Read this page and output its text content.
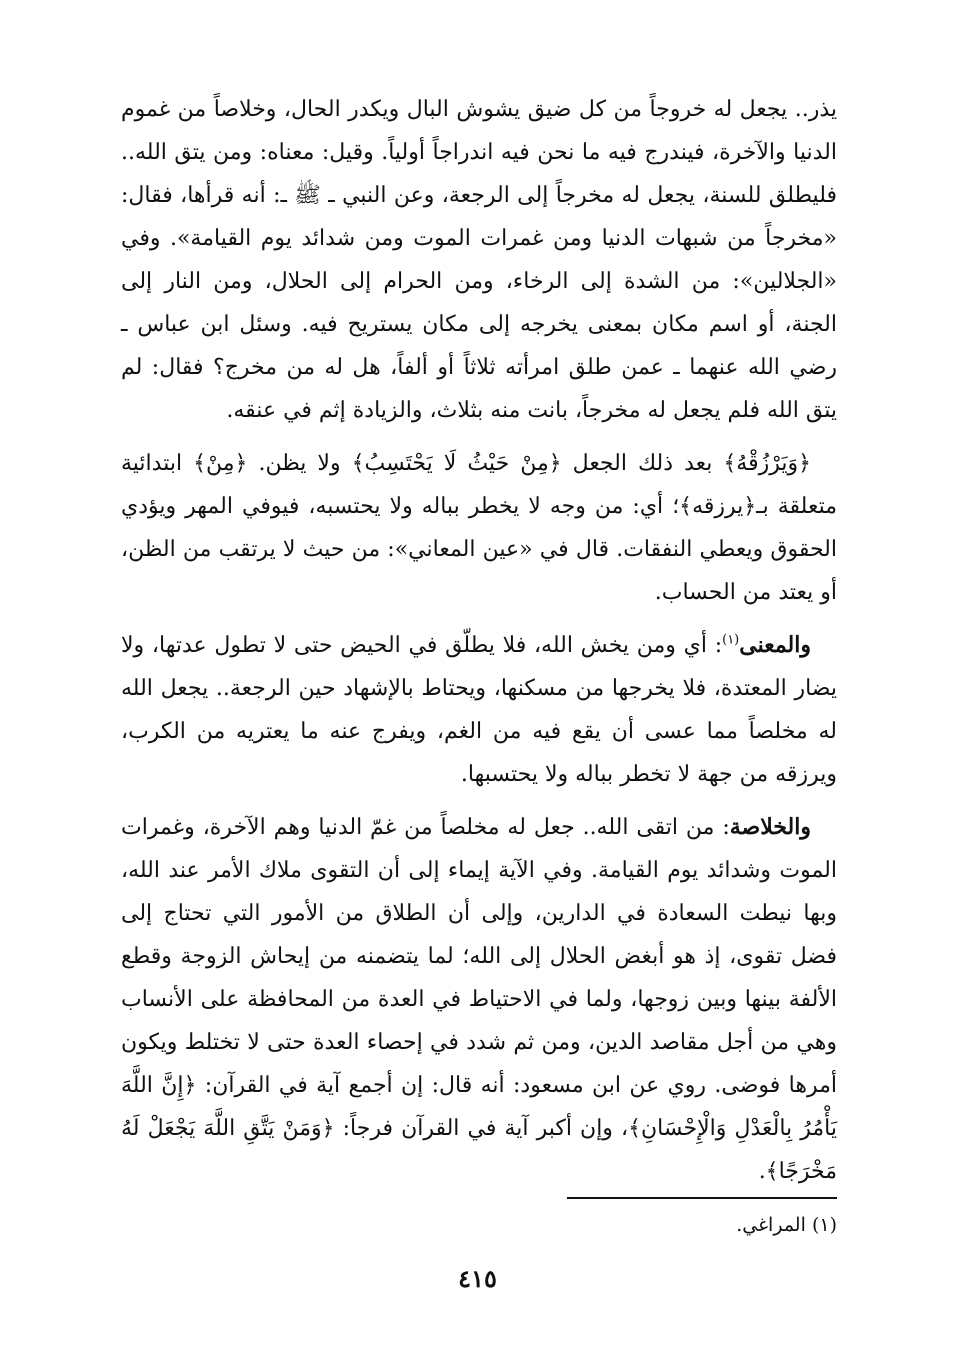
يذر.. يجعل له خروجاً من كل ضيق يشوش البال ويكدر الحال، وخلاصاً من غموم الدنيا والآخرة، فيندرج فيه ما نحن فيه اندراجاً أولياً. وقيل: معناه: ومن يتق الله.. فليطلق للسنة، يجعل له مخرجاً إلى الرجعة، وعن النبي ـ ﷺ ـ: أنه قرأها، فقال: «مخرجاً من شبهات الدنيا ومن غمرات الموت ومن شدائد يوم القيامة». وفي «الجلالين»: من الشدة إلى الرخاء، ومن الحرام إلى الحلال، ومن النار إلى الجنة، أو اسم مكان بمعنى يخرجه إلى مكان يستريح فيه. وسئل ابن عباس ـ رضي الله عنهما ـ عمن طلق امرأته ثلاثاً أو ألفاً، هل له من مخرج؟ فقال: لم يتق الله فلم يجعل له مخرجاً، بانت منه بثلاث، والزيادة إثم في عنقه.

﴿وَيَرْزُقْهُ﴾ بعد ذلك الجعل ﴿مِنْ حَيْثُ لَا يَحْتَسِبُ﴾ ولا يظن. ﴿مِنْ﴾ ابتدائية متعلقة بـ﴿يرزقه﴾؛ أي: من وجه لا يخطر بباله ولا يحتسبه، فيوفي المهر ويؤدي الحقوق ويعطي النفقات. قال في «عين المعاني»: من حيث لا يرتقب من الظن، أو يعتد من الحساب.

والمعنى$^{(١)}$: أي ومن يخش الله، فلا يطلّق في الحيض حتى لا تطول عدتها، ولا يضار المعتدة، فلا يخرجها من مسكنها، ويحتاط بالإشهاد حين الرجعة.. يجعل الله له مخلصاً مما عسى أن يقع فيه من الغم، ويفرج عنه ما يعتريه من الكرب، ويرزقه من جهة لا تخطر بباله ولا يحتسبها.

والخلاصة: من اتقى الله.. جعل له مخلصاً من غمّ الدنيا وهم الآخرة، وغمرات الموت وشدائد يوم القيامة. وفي الآية إيماء إلى أن التقوى ملاك الأمر عند الله، وبها نيطت السعادة في الدارين، وإلى أن الطلاق من الأمور التي تحتاج إلى فضل تقوى، إذ هو أبغض الحلال إلى الله؛ لما يتضمنه من إيحاش الزوجة وقطع الألفة بينها وبين زوجها، ولما في الاحتياط في العدة من المحافظة على الأنساب وهي من أجل مقاصد الدين، ومن ثم شدد في إحصاء العدة حتى لا تختلط ويكون أمرها فوضى. روي عن ابن مسعود: أنه قال: إن أجمع آية في القرآن: ﴿إِنَّ اللَّهَ يَأْمُرُ بِالْعَدْلِ وَالْإِحْسَانِ﴾، وإن أكبر آية في القرآن فرجاً: ﴿وَمَنْ يَتَّقِ اللَّهَ يَجْعَلْ لَهُ مَخْرَجًا﴾.

(١) المراغي.
٤١٥
